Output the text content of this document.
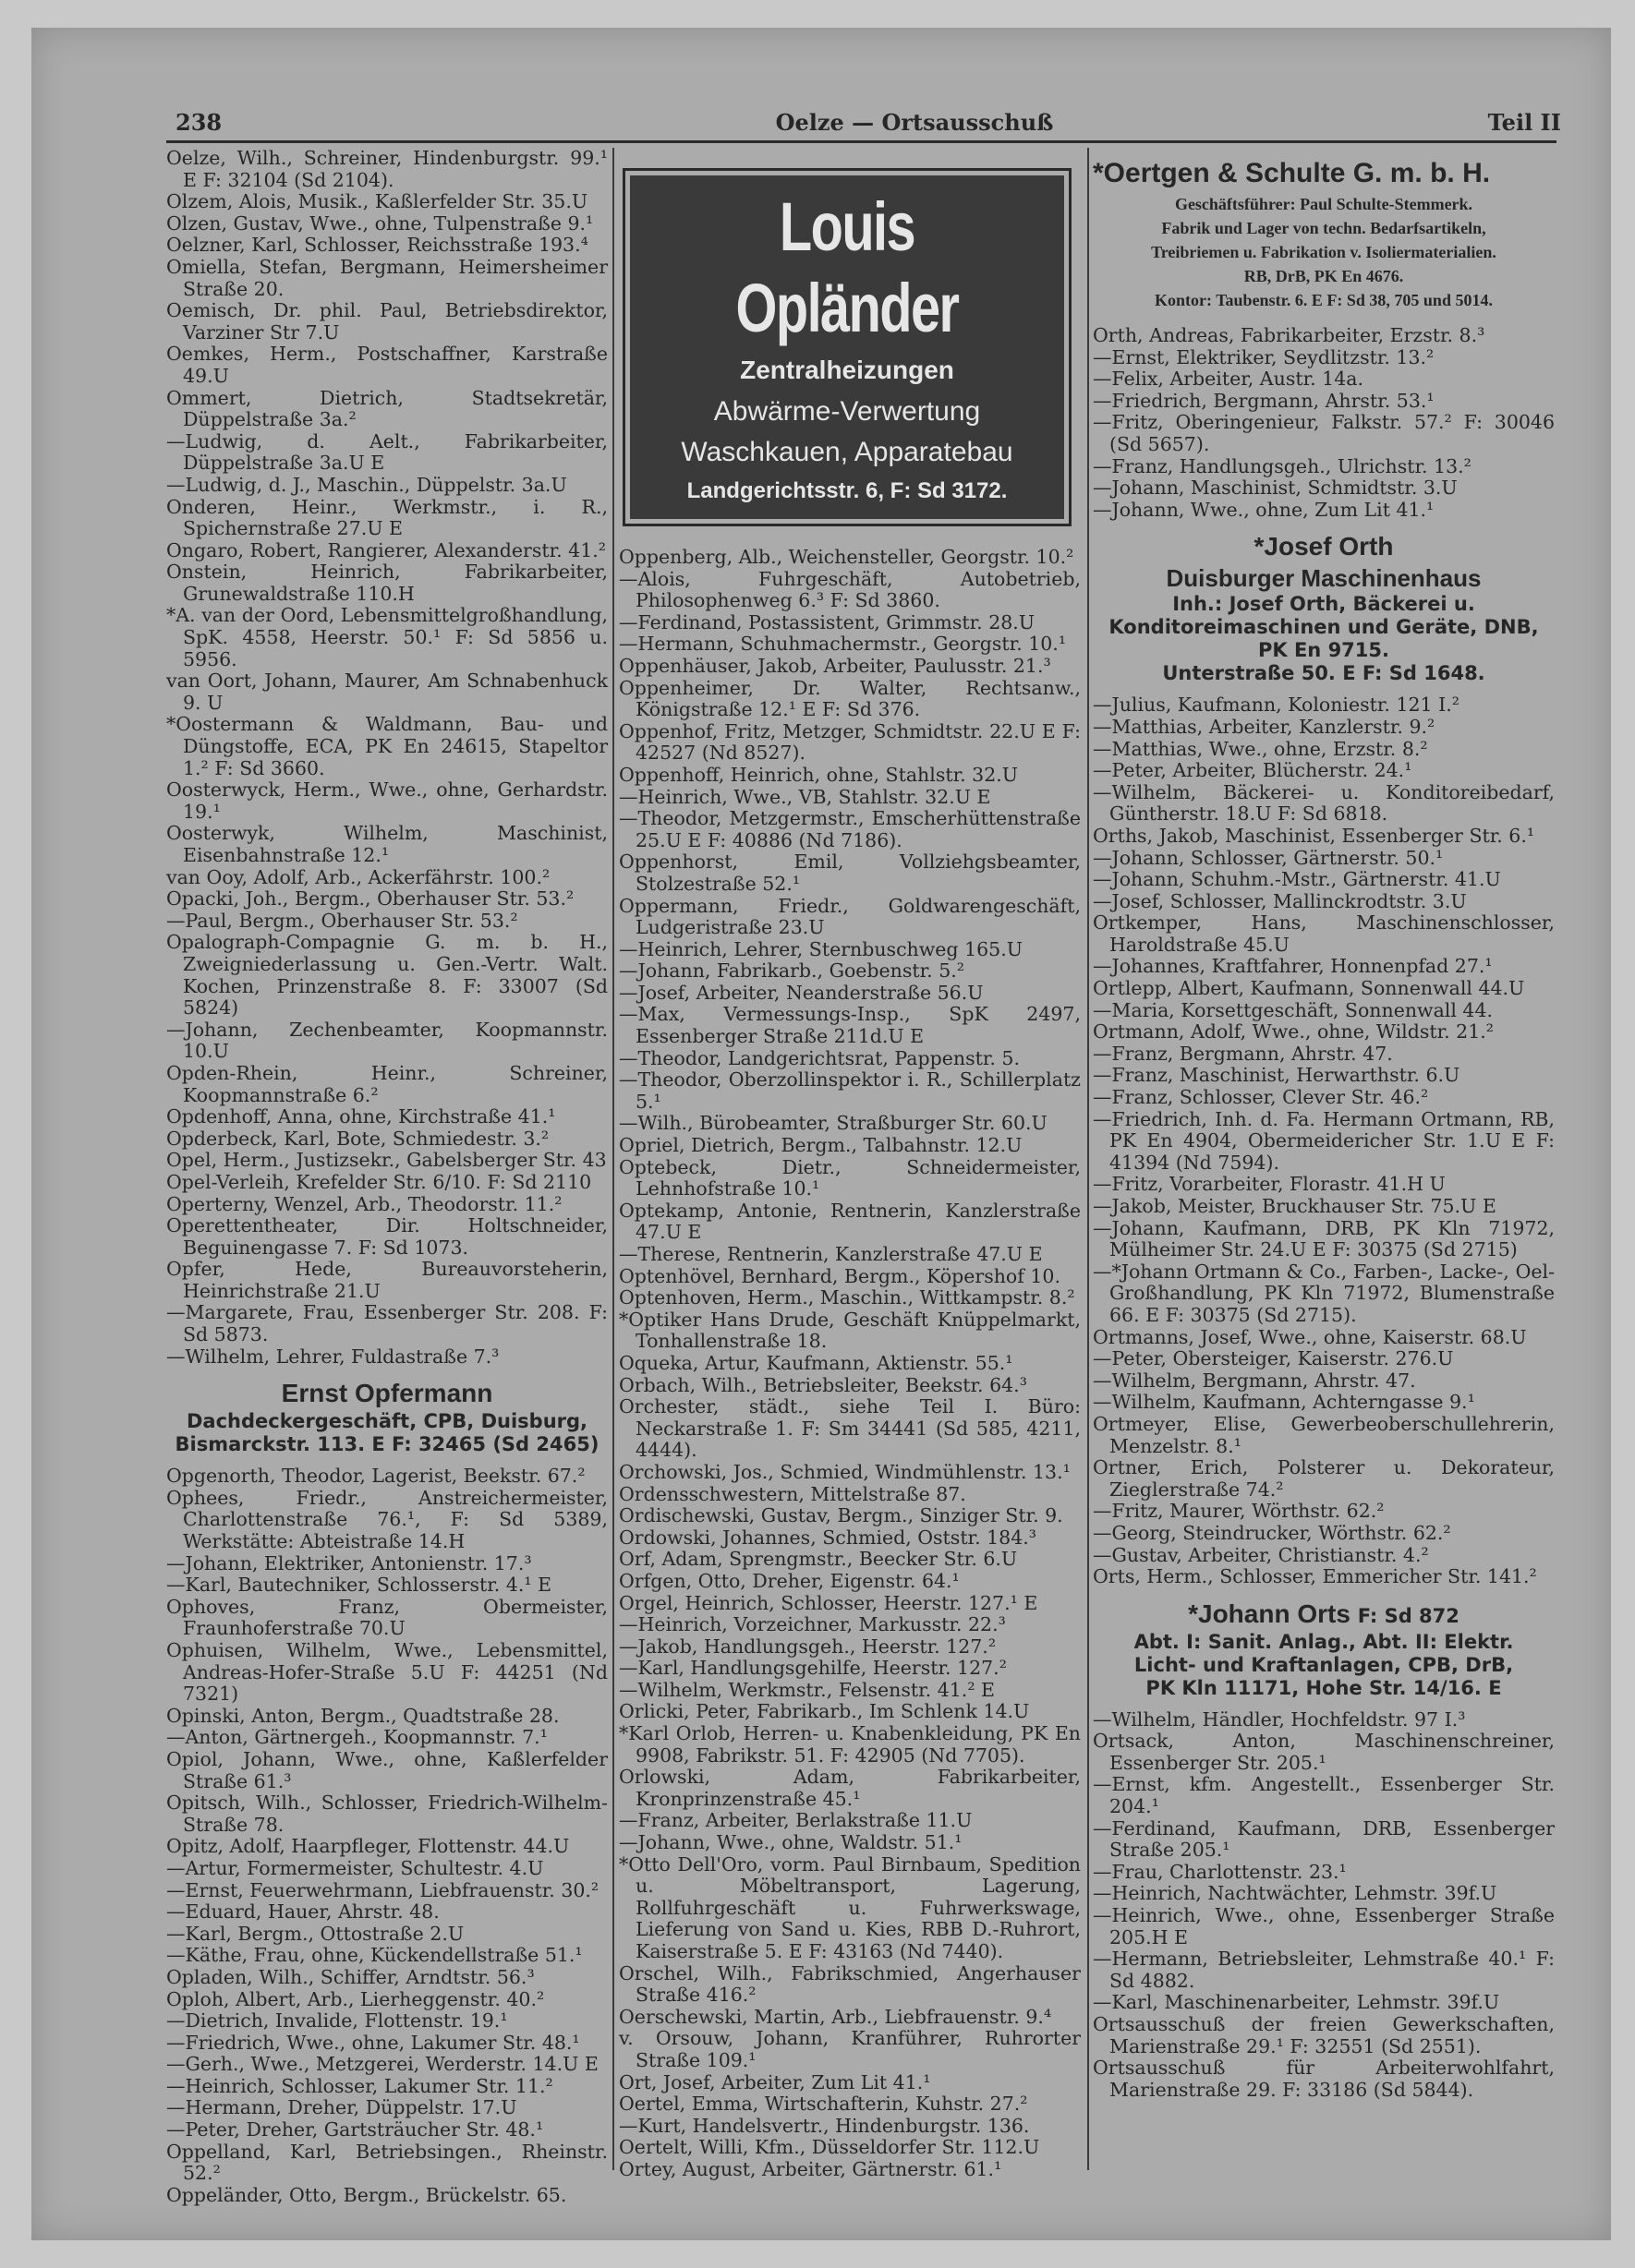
238	Oelze — Ortsausschuß	Teil II

Oelze, Wilh., Schreiner, Hindenburgstr. 99.¹ E F: 32104 (Sd 2104).

Olzem, Alois, Musik., Kaßlerfelder Str. 35.U

Olzen, Gustav, Wwe., ohne, Tulpenstraße 9.¹

Oelzner, Karl, Schlosser, Reichsstraße 193.⁴

Omiella, Stefan, Bergmann, Heimersheimer Straße 20.

Oemisch, Dr. phil. Paul, Betriebsdirektor, Varziner Str 7.U

Oemkes, Herm., Postschaffner, Karstraße 49.U

Ommert, Dietrich, Stadtsekretär, Düppelstraße 3a.²

—Ludwig, d. Aelt., Fabrikarbeiter, Düppelstraße 3a.U E

—Ludwig, d. J., Maschin., Düppelstr. 3a.U

Onderen, Heinr., Werkmstr., i. R., Spichernstraße 27.U E

Ongaro, Robert, Rangierer, Alexanderstr. 41.²

Onstein, Heinrich, Fabrikarbeiter, Grunewaldstraße 110.H

*A. van der Oord, Lebensmittelgroßhandlung, SpK. 4558, Heerstr. 50.¹ F: Sd 5856 u. 5956.

van Oort, Johann, Maurer, Am Schnabenhuck 9. U

*Oostermann & Waldmann, Bau- und Düngstoffe, ECA, PK En 24615, Stapeltor 1.² F: Sd 3660.

Oosterwyck, Herm., Wwe., ohne, Gerhardstr. 19.¹

Oosterwyk, Wilhelm, Maschinist, Eisenbahnstraße 12.¹

van Ooy, Adolf, Arb., Ackerfährstr. 100.²

Opacki, Joh., Bergm., Oberhauser Str. 53.²

—Paul, Bergm., Oberhauser Str. 53.²

Opalograph-Compagnie G. m. b. H., Zweigniederlassung u. Gen.-Vertr. Walt. Kochen, Prinzenstraße 8. F: 33007 (Sd 5824)

—Johann, Zechenbeamter, Koopmannstr. 10.U

Opden-Rhein, Heinr., Schreiner, Koopmannstraße 6.²

Opdenhoff, Anna, ohne, Kirchstraße 41.¹

Opderbeck, Karl, Bote, Schmiedestr. 3.²

Opel, Herm., Justizsekr., Gabelsberger Str. 43

Opel-Verleih, Krefelder Str. 6/10. F: Sd 2110

Operterny, Wenzel, Arb., Theodorstr. 11.²

Operettentheater, Dir. Holtschneider, Beguinengasse 7. F: Sd 1073.

Opfer, Hede, Bureauvorsteherin, Heinrichstraße 21.U

—Margarete, Frau, Essenberger Str. 208. F: Sd 5873.

—Wilhelm, Lehrer, Fuldastraße 7.³

Ernst Opfermann
Dachdeckergeschäft, CPB, Duisburg,
Bismarckstr. 113. E F: 32465 (Sd 2465)

Opgenorth, Theodor, Lagerist, Beekstr. 67.²

Ophees, Friedr., Anstreichermeister, Charlottenstraße 76.¹, F: Sd 5389, Werkstätte: Abteistraße 14.H

—Johann, Elektriker, Antonienstr. 17.³

—Karl, Bautechniker, Schlosserstr. 4.¹ E

Ophoves, Franz, Obermeister, Fraunhoferstraße 70.U

Ophuisen, Wilhelm, Wwe., Lebensmittel, Andreas-Hofer-Straße 5.U F: 44251 (Nd 7321)

Opinski, Anton, Bergm., Quadtstraße 28.

—Anton, Gärtnergeh., Koopmannstr. 7.¹

Opiol, Johann, Wwe., ohne, Kaßlerfelder Straße 61.³

Opitsch, Wilh., Schlosser, Friedrich-Wilhelm-Straße 78.

Opitz, Adolf, Haarpfleger, Flottenstr. 44.U

—Artur, Formermeister, Schultestr. 4.U

—Ernst, Feuerwehrmann, Liebfrauenstr. 30.²

—Eduard, Hauer, Ahrstr. 48.

—Karl, Bergm., Ottostraße 2.U

—Käthe, Frau, ohne, Kückendellstraße 51.¹

Opladen, Wilh., Schiffer, Arndtstr. 56.³

Oploh, Albert, Arb., Lierheggenstr. 40.²

—Dietrich, Invalide, Flottenstr. 19.¹

—Friedrich, Wwe., ohne, Lakumer Str. 48.¹

—Gerh., Wwe., Metzgerei, Werderstr. 14.U E

—Heinrich, Schlosser, Lakumer Str. 11.²

—Hermann, Dreher, Düppelstr. 17.U

—Peter, Dreher, Gartsträucher Str. 48.¹

Oppelland, Karl, Betriebsingen., Rheinstr. 52.²

Oppeländer, Otto, Bergm., Brückelstr. 65.

Louis Opländer
Zentralheizungen
Abwärme-Verwertung
Waschkauen, Apparatebau
Landgerichtsstr. 6, F: Sd 3172.

Oppenberg, Alb., Weichensteller, Georgstr. 10.²

—Alois, Fuhrgeschäft, Autobetrieb, Philosophenweg 6.³ F: Sd 3860.

—Ferdinand, Postassistent, Grimmstr. 28.U

—Hermann, Schuhmachermstr., Georgstr. 10.¹

Oppenhäuser, Jakob, Arbeiter, Paulusstr. 21.³

Oppenheimer, Dr. Walter, Rechtsanw., Königstraße 12.¹ E F: Sd 376.

Oppenhof, Fritz, Metzger, Schmidtstr. 22.U E F: 42527 (Nd 8527).

Oppenhoff, Heinrich, ohne, Stahlstr. 32.U

—Heinrich, Wwe., VB, Stahlstr. 32.U E

—Theodor, Metzgermstr., Emscherhüttenstraße 25.U E F: 40886 (Nd 7186).

Oppenhorst, Emil, Vollziehgsbeamter, Stolzestraße 52.¹

Oppermann, Friedr., Goldwarengeschäft, Ludgeristraße 23.U

—Heinrich, Lehrer, Sternbuschweg 165.U

—Johann, Fabrikarb., Goebenstr. 5.²

—Josef, Arbeiter, Neanderstraße 56.U

—Max, Vermessungs-Insp., SpK 2497, Essenberger Straße 211d.U E

—Theodor, Landgerichtsrat, Pappenstr. 5.

—Theodor, Oberzollinspektor i. R., Schillerplatz 5.¹

—Wilh., Bürobeamter, Straßburger Str. 60.U

Opriel, Dietrich, Bergm., Talbahnstr. 12.U

Optebeck, Dietr., Schneidermeister, Lehnhofstraße 10.¹

Optekamp, Antonie, Rentnerin, Kanzlerstraße 47.U E

—Therese, Rentnerin, Kanzlerstraße 47.U E

Optenhövel, Bernhard, Bergm., Köpershof 10.

Optenhoven, Herm., Maschin., Wittkampstr. 8.²

*Optiker Hans Drude, Geschäft Knüppelmarkt, Tonhallenstraße 18.

Oqueka, Artur, Kaufmann, Aktienstr. 55.¹

Orbach, Wilh., Betriebsleiter, Beekstr. 64.³

Orchester, städt., siehe Teil I. Büro: Neckarstraße 1. F: Sm 34441 (Sd 585, 4211, 4444).

Orchowski, Jos., Schmied, Windmühlenstr. 13.¹

Ordensschwestern, Mittelstraße 87.

Ordischewski, Gustav, Bergm., Sinziger Str. 9.

Ordowski, Johannes, Schmied, Oststr. 184.³

Orf, Adam, Sprengmstr., Beecker Str. 6.U

Orfgen, Otto, Dreher, Eigenstr. 64.¹

Orgel, Heinrich, Schlosser, Heerstr. 127.¹ E

—Heinrich, Vorzeichner, Markusstr. 22.³

—Jakob, Handlungsgeh., Heerstr. 127.²

—Karl, Handlungsgehilfe, Heerstr. 127.²

—Wilhelm, Werkmstr., Felsenstr. 41.² E

Orlicki, Peter, Fabrikarb., Im Schlenk 14.U

*Karl Orlob, Herren- u. Knabenkleidung, PK En 9908, Fabrikstr. 51. F: 42905 (Nd 7705).

Orlowski, Adam, Fabrikarbeiter, Kronprinzenstraße 45.¹

—Franz, Arbeiter, Berlakstraße 11.U

—Johann, Wwe., ohne, Waldstr. 51.¹

*Otto Dell'Oro, vorm. Paul Birnbaum, Spedition u. Möbeltransport, Lagerung, Rollfuhrgeschäft u. Fuhrwerkswage, Lieferung von Sand u. Kies, RBB D.-Ruhrort, Kaiserstraße 5. E F: 43163 (Nd 7440).

Orschel, Wilh., Fabrikschmied, Angerhauser Straße 416.²

Oerschewski, Martin, Arb., Liebfrauenstr. 9.⁴

v. Orsouw, Johann, Kranführer, Ruhrorter Straße 109.¹

Ort, Josef, Arbeiter, Zum Lit 41.¹

Oertel, Emma, Wirtschafterin, Kuhstr. 27.²

—Kurt, Handelsvertr., Hindenburgstr. 136.

Oertelt, Willi, Kfm., Düsseldorfer Str. 112.U

Ortey, August, Arbeiter, Gärtnerstr. 61.¹

*Oertgen & Schulte G. m. b. H.
Geschäftsführer: Paul Schulte-Stemmerk.
Fabrik und Lager von techn. Bedarfsartikeln,
Treibriemen u. Fabrikation v. Isoliermaterialien.
RB, DrB, PK En 4676.
Kontor: Taubenstr. 6. E F: Sd 38, 705 und 5014.

Orth, Andreas, Fabrikarbeiter, Erzstr. 8.³

—Ernst, Elektriker, Seydlitzstr. 13.²

—Felix, Arbeiter, Austr. 14a.

—Friedrich, Bergmann, Ahrstr. 53.¹

—Fritz, Oberingenieur, Falkstr. 57.² F: 30046 (Sd 5657).

—Franz, Handlungsgeh., Ulrichstr. 13.²

—Johann, Maschinist, Schmidtstr. 3.U

—Johann, Wwe., ohne, Zum Lit 41.¹

*Josef Orth
Duisburger Maschinenhaus
Inh.: Josef Orth, Bäckerei u. Konditoreimaschinen und Geräte, DNB,
PK En 9715.
Unterstraße 50. E F: Sd 1648.

—Julius, Kaufmann, Koloniestr. 121 I.²

—Matthias, Arbeiter, Kanzlerstr. 9.²

—Matthias, Wwe., ohne, Erzstr. 8.²

—Peter, Arbeiter, Blücherstr. 24.¹

—Wilhelm, Bäckerei- u. Konditoreibedarf, Güntherstr. 18.U F: Sd 6818.

Orths, Jakob, Maschinist, Essenberger Str. 6.¹

—Johann, Schlosser, Gärtnerstr. 50.¹

—Johann, Schuhm.-Mstr., Gärtnerstr. 41.U

—Josef, Schlosser, Mallinckrodtstr. 3.U

Ortkemper, Hans, Maschinenschlosser, Haroldstraße 45.U

—Johannes, Kraftfahrer, Honnenpfad 27.¹

Ortlepp, Albert, Kaufmann, Sonnenwall 44.U

—Maria, Korsettgeschäft, Sonnenwall 44.

Ortmann, Adolf, Wwe., ohne, Wildstr. 21.²

—Franz, Bergmann, Ahrstr. 47.

—Franz, Maschinist, Herwarthstr. 6.U

—Franz, Schlosser, Clever Str. 46.²

—Friedrich, Inh. d. Fa. Hermann Ortmann, RB, PK En 4904, Obermeidericher Str. 1.U E F: 41394 (Nd 7594).

—Fritz, Vorarbeiter, Florastr. 41.H U

—Jakob, Meister, Bruckhauser Str. 75.U E

—Johann, Kaufmann, DRB, PK Kln 71972, Mülheimer Str. 24.U E F: 30375 (Sd 2715)

—*Johann Ortmann & Co., Farben-, Lacke-, Oel-Großhandlung, PK Kln 71972, Blumenstraße 66. E F: 30375 (Sd 2715).

Ortmanns, Josef, Wwe., ohne, Kaiserstr. 68.U

—Peter, Obersteiger, Kaiserstr. 276.U

—Wilhelm, Bergmann, Ahrstr. 47.

—Wilhelm, Kaufmann, Achterngasse 9.¹

Ortmeyer, Elise, Gewerbeoberschullehrerin, Menzelstr. 8.¹

Ortner, Erich, Polsterer u. Dekorateur, Zieglerstraße 74.²

—Fritz, Maurer, Wörthstr. 62.²

—Georg, Steindrucker, Wörthstr. 62.²

—Gustav, Arbeiter, Christianstr. 4.²

Orts, Herm., Schlosser, Emmericher Str. 141.²

*Johann Orts F: Sd 872
Abt. I: Sanit. Anlag., Abt. II: Elektr.
Licht- und Kraftanlagen, CPB, DrB,
PK Kln 11171, Hohe Str. 14/16. E

—Wilhelm, Händler, Hochfeldstr. 97 I.³

Ortsack, Anton, Maschinenschreiner, Essenberger Str. 205.¹

—Ernst, kfm. Angestellt., Essenberger Str. 204.¹

—Ferdinand, Kaufmann, DRB, Essenberger Straße 205.¹

—Frau, Charlottenstr. 23.¹

—Heinrich, Nachtwächter, Lehmstr. 39f.U

—Heinrich, Wwe., ohne, Essenberger Straße 205.H E

—Hermann, Betriebsleiter, Lehmstraße 40.¹ F: Sd 4882.

—Karl, Maschinenarbeiter, Lehmstr. 39f.U

Ortsausschuß der freien Gewerkschaften, Marienstraße 29.¹ F: 32551 (Sd 2551).

Ortsausschuß für Arbeiterwohlfahrt, Marienstraße 29. F: 33186 (Sd 5844).
